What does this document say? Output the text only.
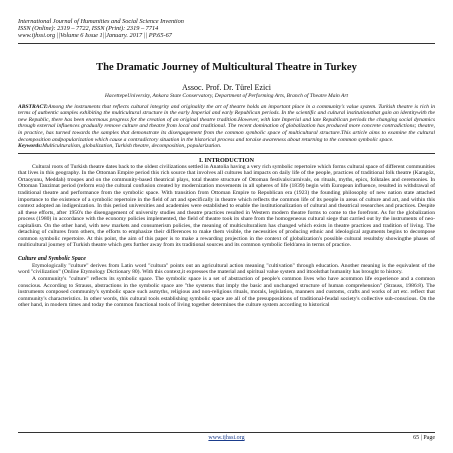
International Journal of Humanities and Social Science Invention
ISSN (Online): 2319 – 7722, ISSN (Print): 2319 – 7714
www.ijhssi.org ||Volume 6 Issue 1||January. 2017 || PP.65-67
The Dramatic Journey of Multicultural Theatre in Turkey
Assoc. Prof. Dr. Türel Ezici
HacettepeUniversity, Ankara State Conservatory, Department of Performing Arts, Branch of Theatre Main Art
ABSTRACT:Among the instruments that reflects cultural integrity and originality the art of theatre holds an important place in a community's value system. Turkish theatre is rich in terms of authentic samples exhibiting the multicultural structure in the early Imperial and early Republican periods. In the scientific and cultural institutionsthat gain an identitywith the new Republic, there has been enormous progress for the creation of an original theatre tradition.However, with late Imperial and late Republican periods the changing social dynamics through external influences gradually remove culture and theatre from local and traditional. The recent domination of globalization has produced more concrete contradictions; theatre, in practice, has turned towards the samples that demonstrate its disengagement from the common symbolic space of multicultural structure.This article aims to examine the cultural decomposition andpopularization which cause a contradictory situation in the historical process and toraise awareness about returning to the common symbolic space.
Keywords:Multiculturalism, globalization, Turkish theatre, decomposition, popularization.
I. INTRODUCTION

Cultural roots of Turkish theatre dates back to the oldest civilizations settled in Anatolia having a very rich symbolic repertoire which forms cultural space of different communities that lives in this geography. In the Ottoman Empire period this rich source that involves all cultures had impacts on daily life of the people, practices of traditional folk theatre (Karagöz, Ortaoyunu, Meddah) troupes and on the community-based theatrical plays, total theatre structure of Ottoman festivals/carnivals, on rituals, myths, epics, folktales and ceremonies. In Ottoman Tanzimat period (reform era) the cultural confusion created by modernization movements in all spheres of life (1839) begin with European influence, resulted in withdrawal of traditional theatre and performance from the symbolic space. With transition from Ottoman Empire to Republican era (1923) the founding philosophy of new nation state attached importance to the existence of a symbolic repertoire in the field of art and specifically in theatre which reflects the common life of its people in areas of culture and art, and within this context adopted an indigenization. In this period universities and academies were established to enable the institutionalization of cultural and theatrical researches and practices. Despite all these efforts, after 1950's the disengagement of university studies and theatre practices resulted in Western modern theatre forms to come to the forefront. As for the globalization process (1980) in accordance with the economy policies implemented, the field of theatre took its share from the homogeneous cultural siege that carried out by the instruments of neo-capitalism. On the other hand, with new markets and consumerism policies, the meaning of multiculturalism has changed which exists in theatre practices and tradition of living. The detaching of cultures from others, the efforts to emphasize their differences to make them visible, the necessities of producing ethnic and ideological arguments begins to decompose common symbolic repertoire. At this point, the aim of this paper is to make a rewarding projection in the context of globalization's possible cultural resultsby showingthe phases of multicultural journey of Turkish theatre which gets further away from its traditional sources and its common symbolic field/area in terms of practice.

Culture and Symbolic Space

Etymologically "culture" derives from Latin word "cultura" points out an agricultural action meaning "cultivation" through education. Another meaning is the equivalent of the word "civilization" (Online Etymology Dictionary 80). With this context,it expresses the material and spiritual value system and ittoolsthat humanity has brought to history.

A community's "culture" reflects its symbolic space. The symbolic space is a set of abstraction of people's common lives who have acommon life experience and a common conscious. According to Strauss, abstractions in the symbolic space are "the systems that imply the basic and unchanged structure of human comprehension" (Strauss, 1986:8). The instruments composed community's symbolic space such asmyths, religious and non-religious rituals, morals, legislation, manners and customs, crafts and works of art etc. reflect that community's characteristics. In other words, this cultural tools establishing symbolic space are all of the presuppositions of traditional-feudal society's collective sub-conscious. On the other hand, in modern times and today the common functional tools of living together determines the culture system according to historical

www.ijhssi.org	65 | Page
